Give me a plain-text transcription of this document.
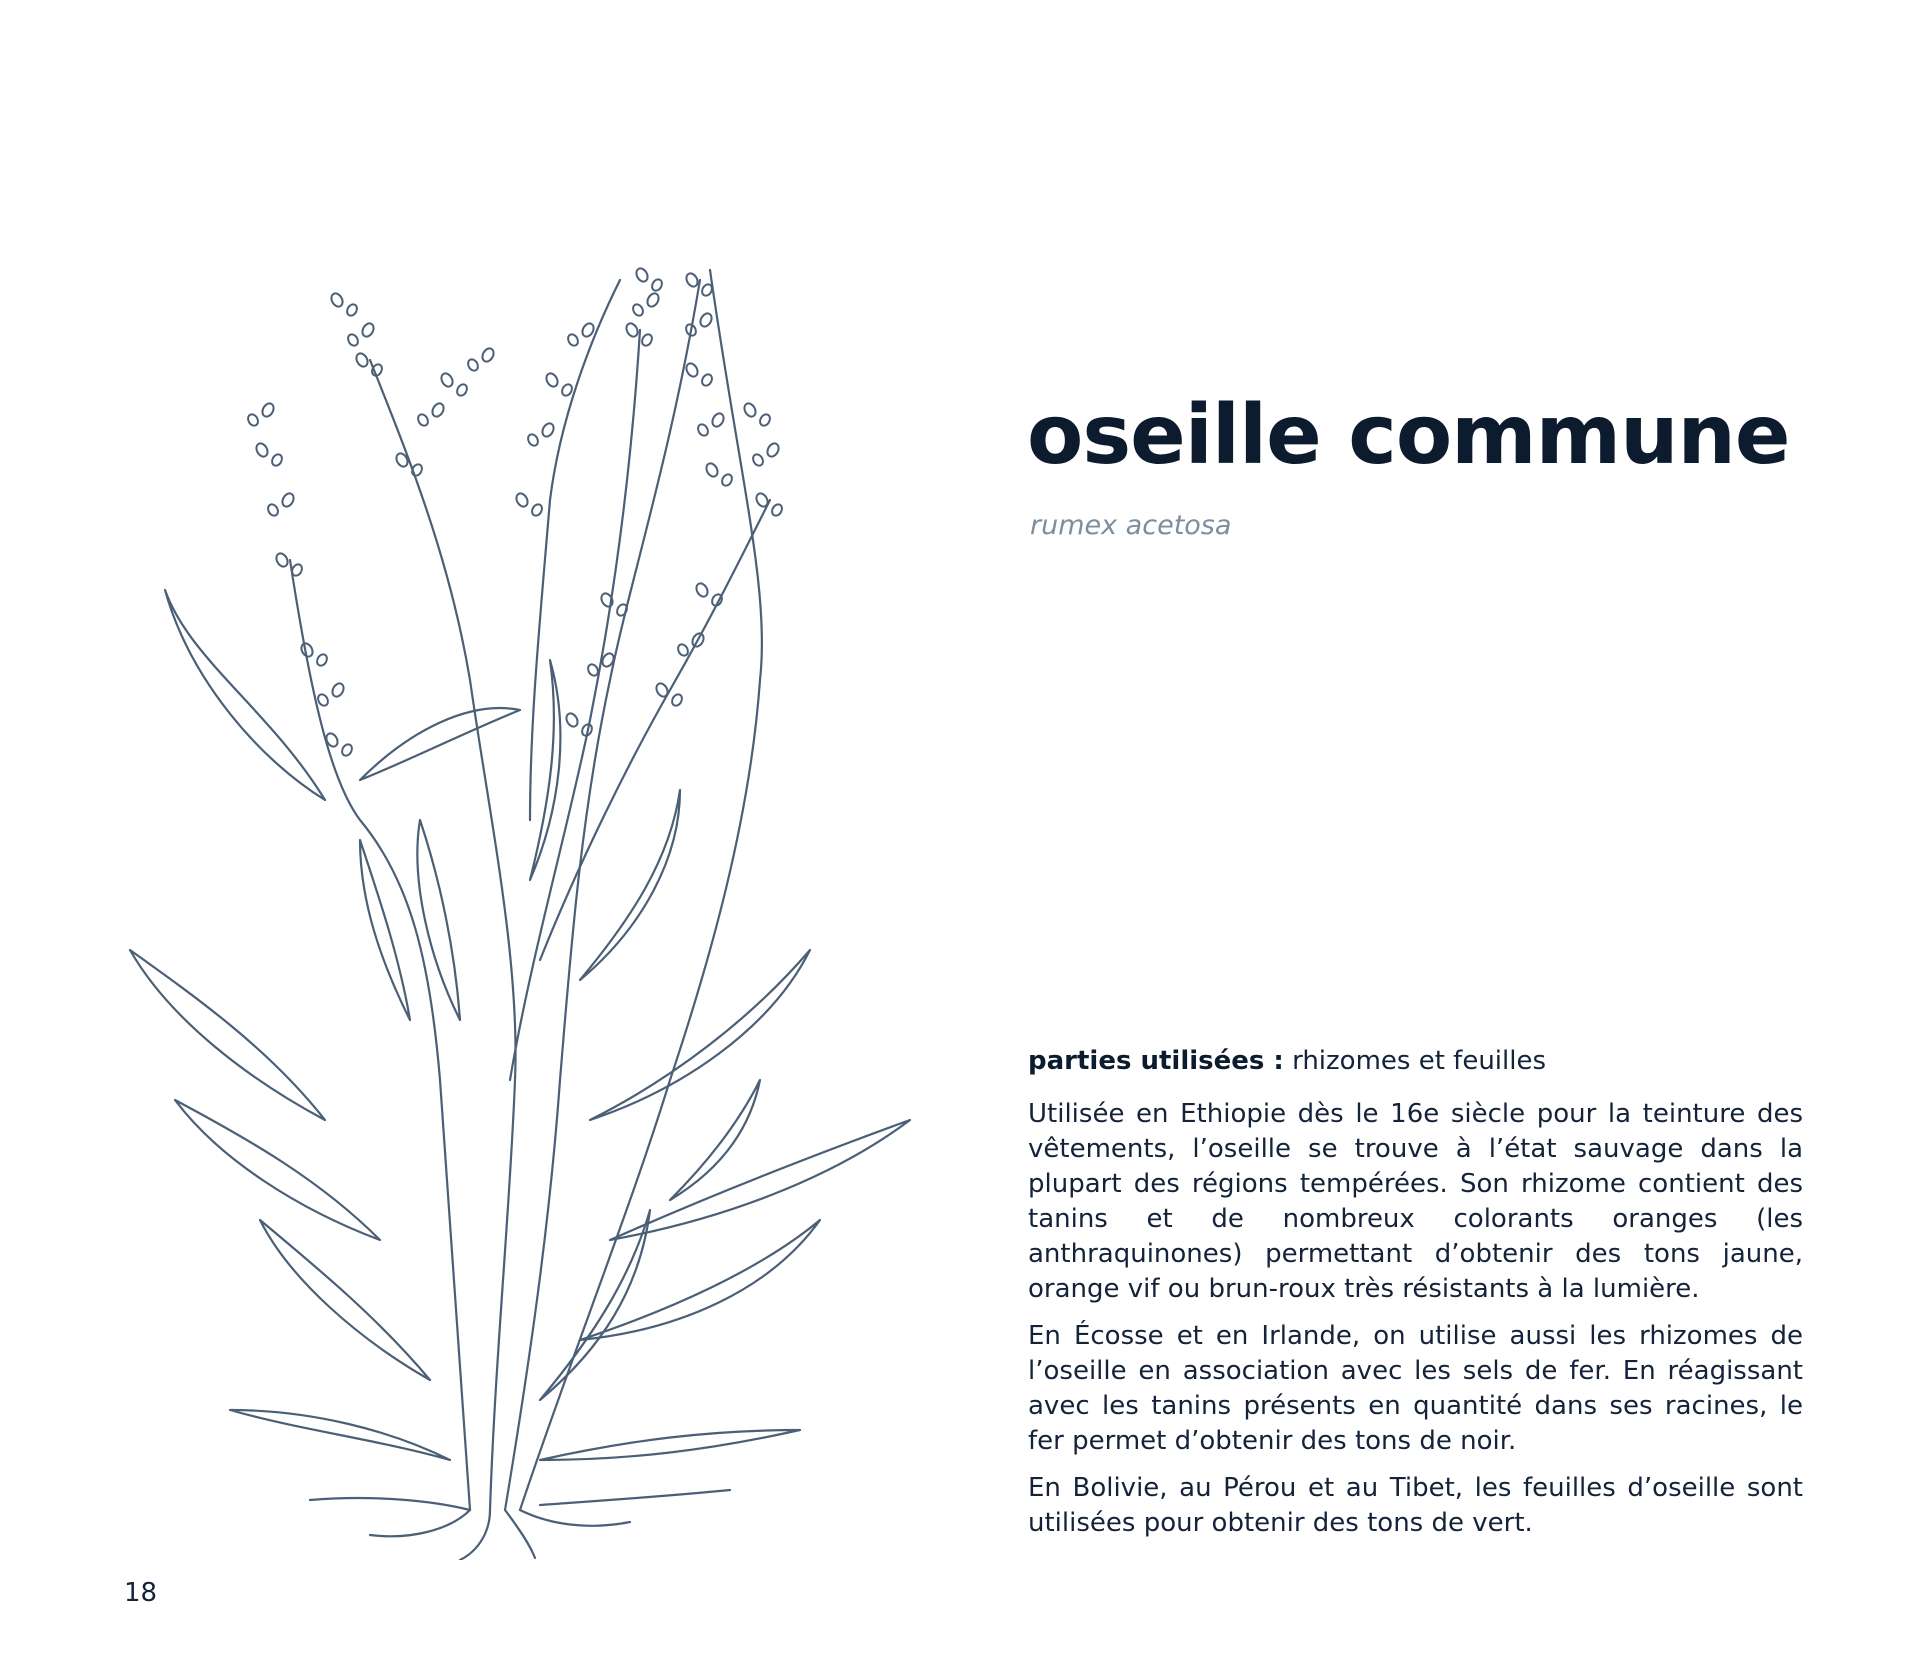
oseille commune

rumex acetosa

parties utilisées : rhizomes et feuilles

Utilisée en Ethiopie dès le 16e siècle pour la teinture des vêtements, l’oseille se trouve à l’état sauvage dans la plupart des régions tempérées. Son rhizome contient des tanins et de nombreux colorants oranges (les anthraquinones) permettant d’obtenir des tons jaune, orange vif ou brun-roux très résistants à la lumière.

En Écosse et en Irlande, on utilise aussi les rhizomes de l’oseille en association avec les sels de fer. En réagissant avec les tanins présents en quantité dans ses racines, le fer permet d’obtenir des tons de noir.

En Bolivie, au Pérou et au Tibet, les feuilles d’oseille sont utilisées pour obtenir des tons de vert.

18
